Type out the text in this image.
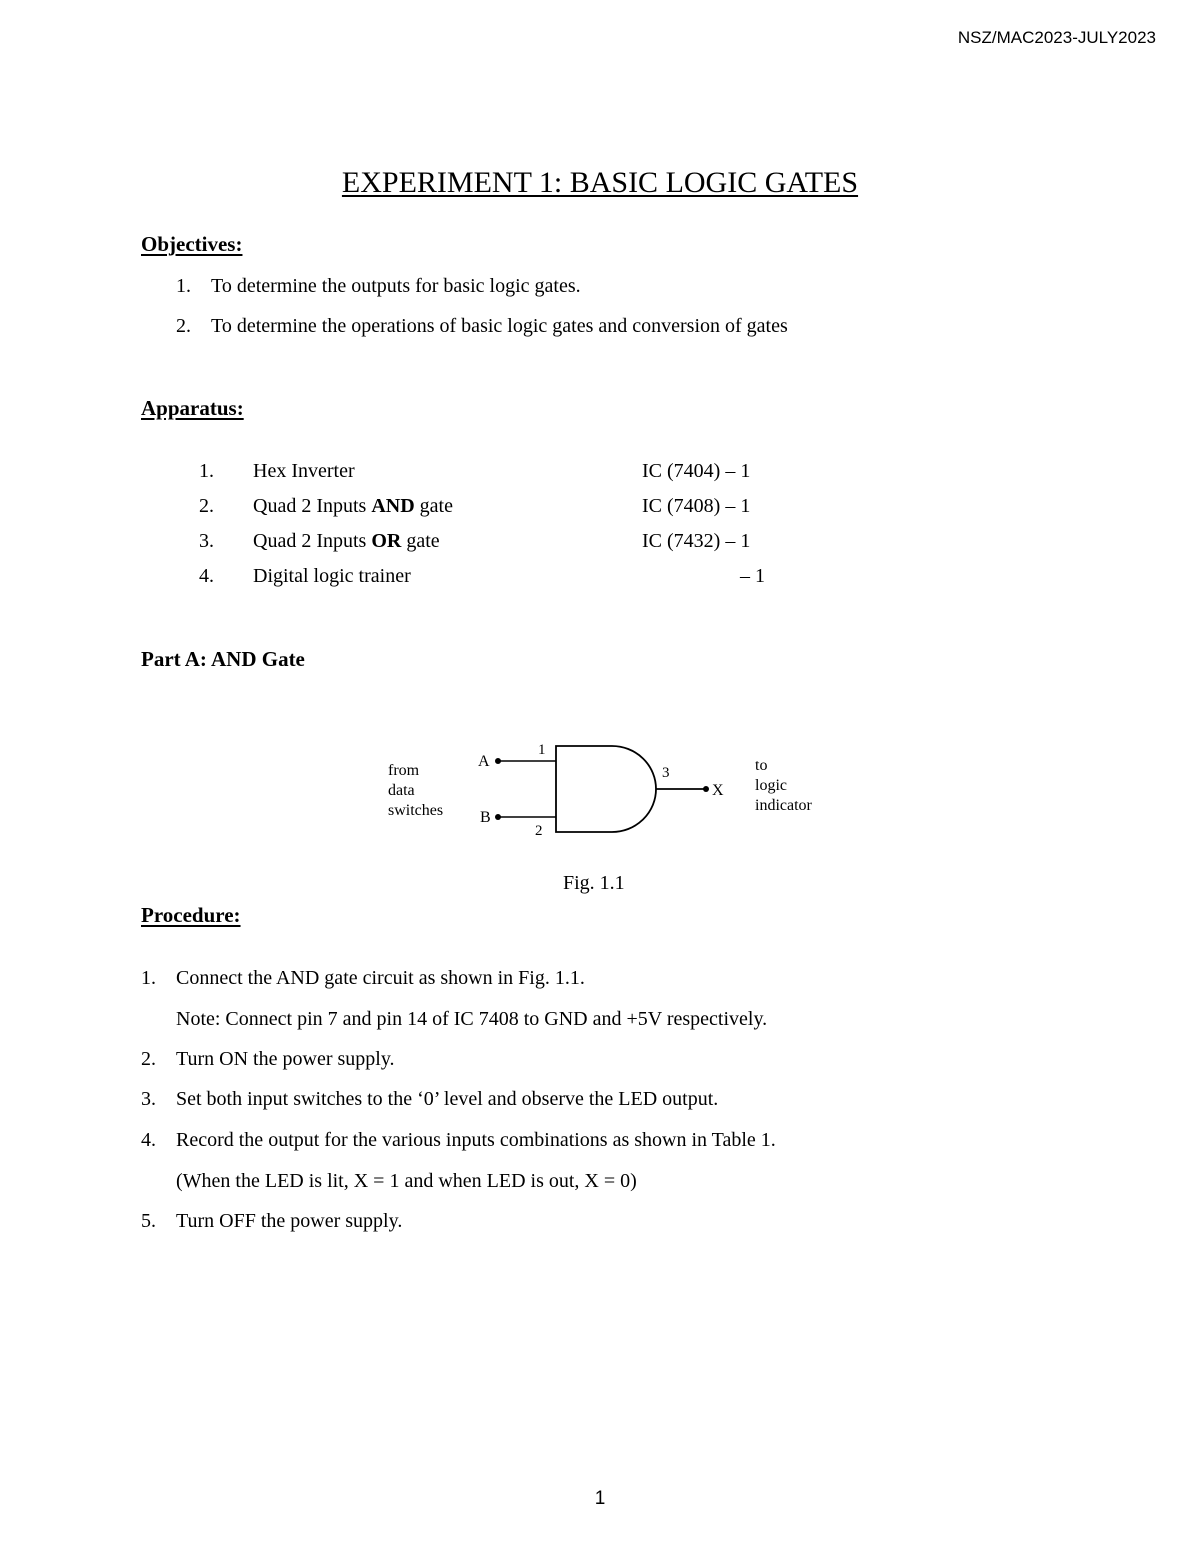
NSZ/MAC2023-JULY2023
EXPERIMENT 1: BASIC LOGIC GATES
Objectives:
1. To determine the outputs for basic logic gates.
2. To determine the operations of basic logic gates and conversion of gates
Apparatus:
1. Hex Inverter	IC (7404) – 1
2. Quad 2 Inputs AND gate	IC (7408) – 1
3. Quad 2 Inputs OR gate	IC (7432) – 1
4. Digital logic trainer	– 1
Part A: AND Gate
from
data
switches
A
B
1
2
3
X
to
logic
indicator
Fig. 1.1
Procedure:
1. Connect the AND gate circuit as shown in Fig. 1.1.
Note: Connect pin 7 and pin 14 of IC 7408 to GND and +5V respectively.
2. Turn ON the power supply.
3. Set both input switches to the ‘0’ level and observe the LED output.
4. Record the output for the various inputs combinations as shown in Table 1.
(When the LED is lit, X = 1 and when LED is out, X = 0)
5. Turn OFF the power supply.
1
